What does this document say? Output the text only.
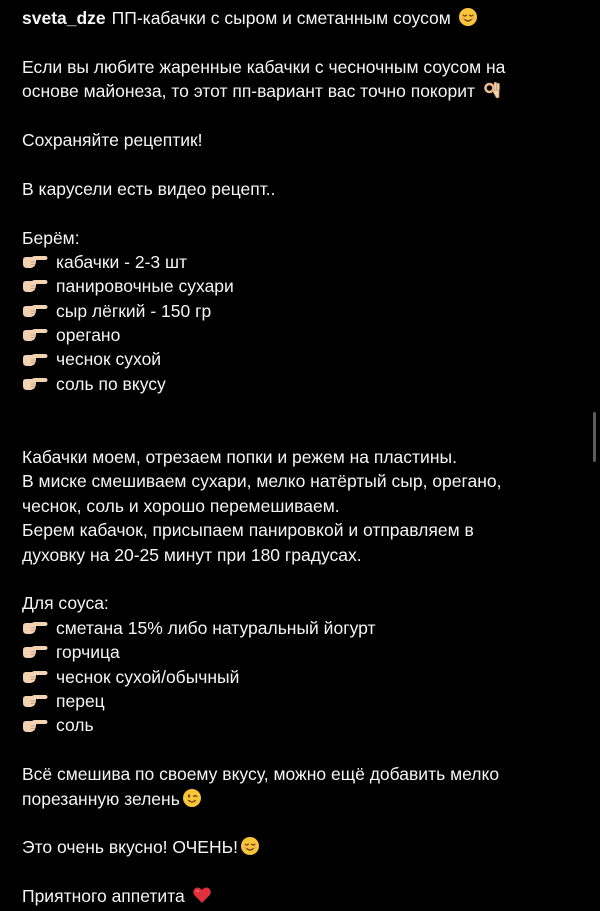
sveta_dze ПП-кабачки с сыром и сметанным соусом
Если вы любите жаренные кабачки с чесночным соусом на
основе майонеза, то этот пп-вариант вас точно покорит
Сохраняйте рецептик!
В карусели есть видео рецепт..
Берём:
кабачки - 2-3 шт
панировочные сухари
сыр лёгкий - 150 гр
орегано
чеснок сухой
соль по вкусу
Кабачки моем, отрезаем попки и режем на пластины.
В миске смешиваем сухари, мелко натёртый сыр, орегано,
чеснок, соль и хорошо перемешиваем.
Берем кабачок, присыпаем панировкой и отправляем в
духовку на 20-25 минут при 180 градусах.
Для соуса:
сметана 15% либо натуральный йогурт
горчица
чеснок сухой/обычный
перец
соль
Всё смешива по своему вкусу, можно ещё добавить мелко
порезанную зелень
Это очень вкусно! ОЧЕНЬ!
Приятного аппетита
